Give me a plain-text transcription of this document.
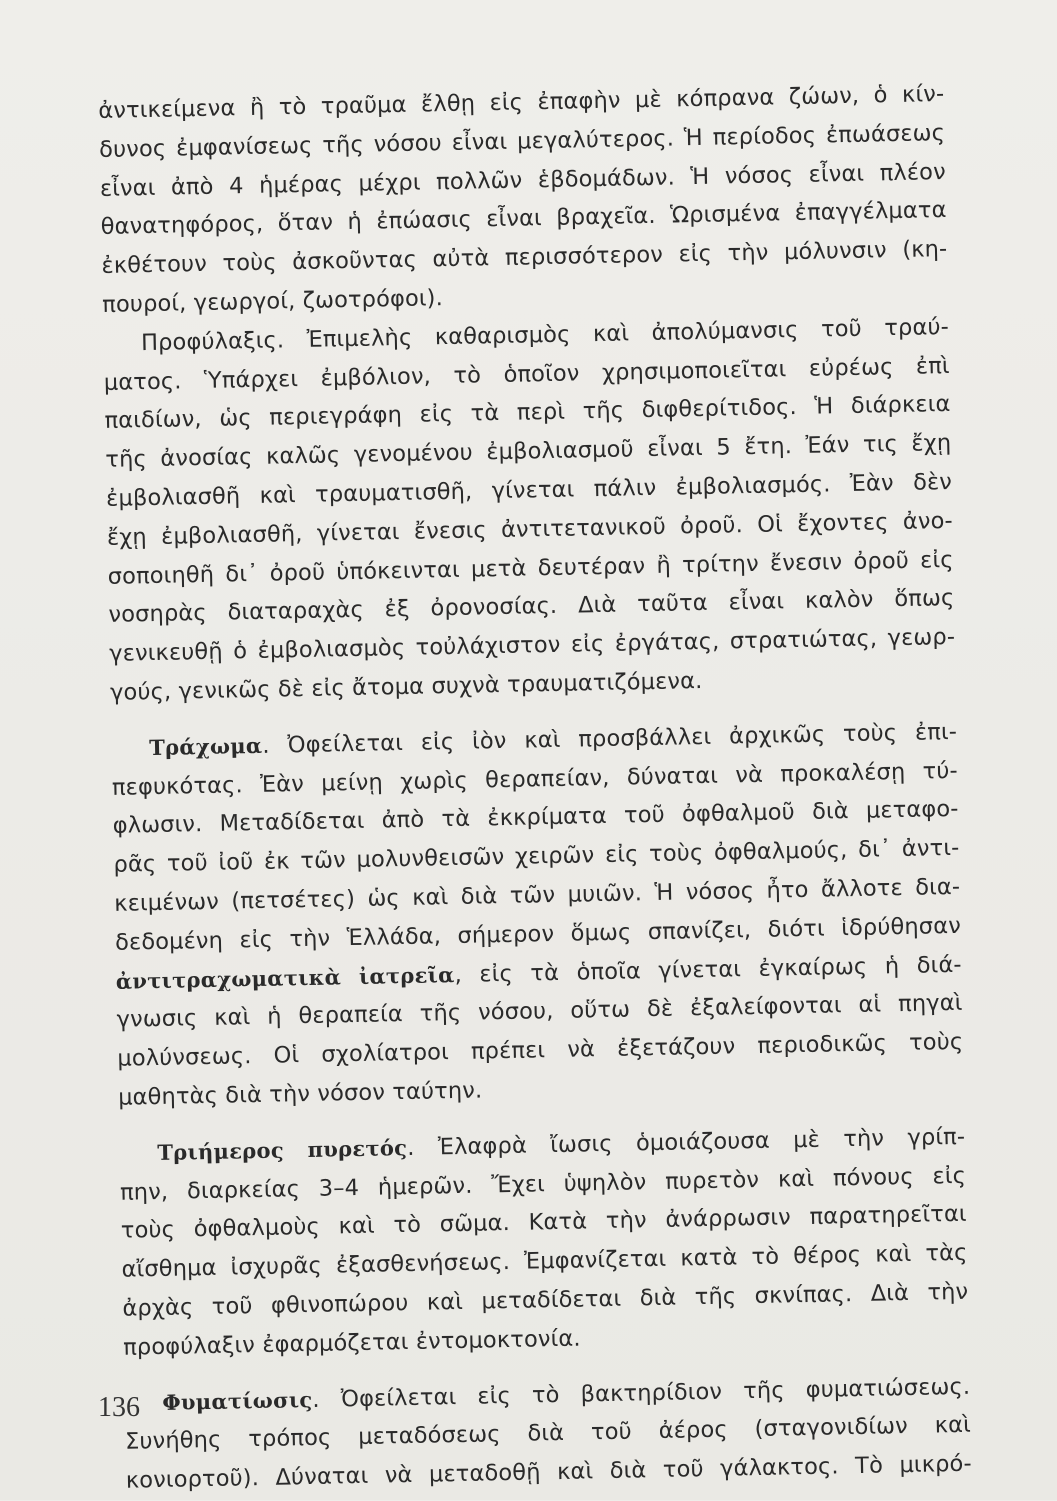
ἀντικείμενα ἢ τὸ τραῦμα ἔλθῃ εἰς ἐπαφὴν μὲ κόπρανα ζώων, ὁ κίν-
δυνος ἐμφανίσεως τῆς νόσου εἶναι μεγαλύτερος. Ἡ περίοδος ἐπωάσεως
εἶναι ἀπὸ 4 ἡμέρας μέχρι πολλῶν ἑβδομάδων. Ἡ νόσος εἶναι πλέον
θανατηφόρος, ὅταν ἡ ἐπώασις εἶναι βραχεῖα. Ὡρισμένα ἐπαγγέλματα
ἐκθέτουν τοὺς ἀσκοῦντας αὐτὰ περισσότερον εἰς τὴν μόλυνσιν (κη-
πουροί, γεωργοί, ζωοτρόφοι).
Προφύλαξις. Ἐπιμελὴς καθαρισμὸς καὶ ἀπολύμανσις τοῦ τραύ-
ματος. Ὑπάρχει ἐμβόλιον, τὸ ὁποῖον χρησιμοποιεῖται εὐρέως ἐπὶ
παιδίων, ὡς περιεγράφη εἰς τὰ περὶ τῆς διφθερίτιδος. Ἡ διάρκεια
τῆς ἀνοσίας καλῶς γενομένου ἐμβολιασμοῦ εἶναι 5 ἔτη. Ἐάν τις ἔχῃ
ἐμβολιασθῆ καὶ τραυματισθῆ, γίνεται πάλιν ἐμβολιασμός. Ἐὰν δὲν
ἔχῃ ἐμβολιασθῆ, γίνεται ἔνεσις ἀντιτετανικοῦ ὀροῦ. Οἱ ἔχοντες ἀνο-
σοποιηθῆ δι᾽ ὀροῦ ὑπόκεινται μετὰ δευτέραν ἢ τρίτην ἔνεσιν ὀροῦ εἰς
νοσηρὰς διαταραχὰς ἐξ ὀρονοσίας. Διὰ ταῦτα εἶναι καλὸν ὅπως
γενικευθῇ ὁ ἐμβολιασμὸς τοὐλάχιστον εἰς ἐργάτας, στρατιώτας, γεωρ-
γούς, γενικῶς δὲ εἰς ἄτομα συχνὰ τραυματιζόμενα.
Τράχωμα. Ὀφείλεται εἰς ἰὸν καὶ προσβάλλει ἀρχικῶς τοὺς ἐπι-
πεφυκότας. Ἐὰν μείνῃ χωρὶς θεραπείαν, δύναται νὰ προκαλέσῃ τύ-
φλωσιν. Μεταδίδεται ἀπὸ τὰ ἐκκρίματα τοῦ ὀφθαλμοῦ διὰ μεταφο-
ρᾶς τοῦ ἰοῦ ἐκ τῶν μολυνθεισῶν χειρῶν εἰς τοὺς ὀφθαλμούς, δι᾽ ἀντι-
κειμένων (πετσέτες) ὡς καὶ διὰ τῶν μυιῶν. Ἡ νόσος ἦτο ἄλλοτε δια-
δεδομένη εἰς τὴν Ἑλλάδα, σήμερον ὅμως σπανίζει, διότι ἱδρύθησαν
ἀντιτραχωματικὰ ἰατρεῖα, εἰς τὰ ὁποῖα γίνεται ἐγκαίρως ἡ διά-
γνωσις καὶ ἡ θεραπεία τῆς νόσου, οὕτω δὲ ἐξαλείφονται αἱ πηγαὶ
μολύνσεως. Οἱ σχολίατροι πρέπει νὰ ἐξετάζουν περιοδικῶς τοὺς
μαθητὰς διὰ τὴν νόσον ταύτην.
Τριήμερος πυρετός. Ἐλαφρὰ ἴωσις ὁμοιάζουσα μὲ τὴν γρίπ-
πην, διαρκείας 3–4 ἡμερῶν. Ἔχει ὑψηλὸν πυρετὸν καὶ πόνους εἰς
τοὺς ὀφθαλμοὺς καὶ τὸ σῶμα. Κατὰ τὴν ἀνάρρωσιν παρατηρεῖται
αἴσθημα ἰσχυρᾶς ἐξασθενήσεως. Ἐμφανίζεται κατὰ τὸ θέρος καὶ τὰς
ἀρχὰς τοῦ φθινοπώρου καὶ μεταδίδεται διὰ τῆς σκνίπας. Διὰ τὴν
προφύλαξιν ἐφαρμόζεται ἐντομοκτονία.
Φυματίωσις. Ὀφείλεται εἰς τὸ βακτηρίδιον τῆς φυματιώσεως.
Συνήθης τρόπος μεταδόσεως διὰ τοῦ ἀέρος (σταγονιδίων καὶ
κονιορτοῦ). Δύναται νὰ μεταδοθῇ καὶ διὰ τοῦ γάλακτος. Τὸ μικρό-
136
